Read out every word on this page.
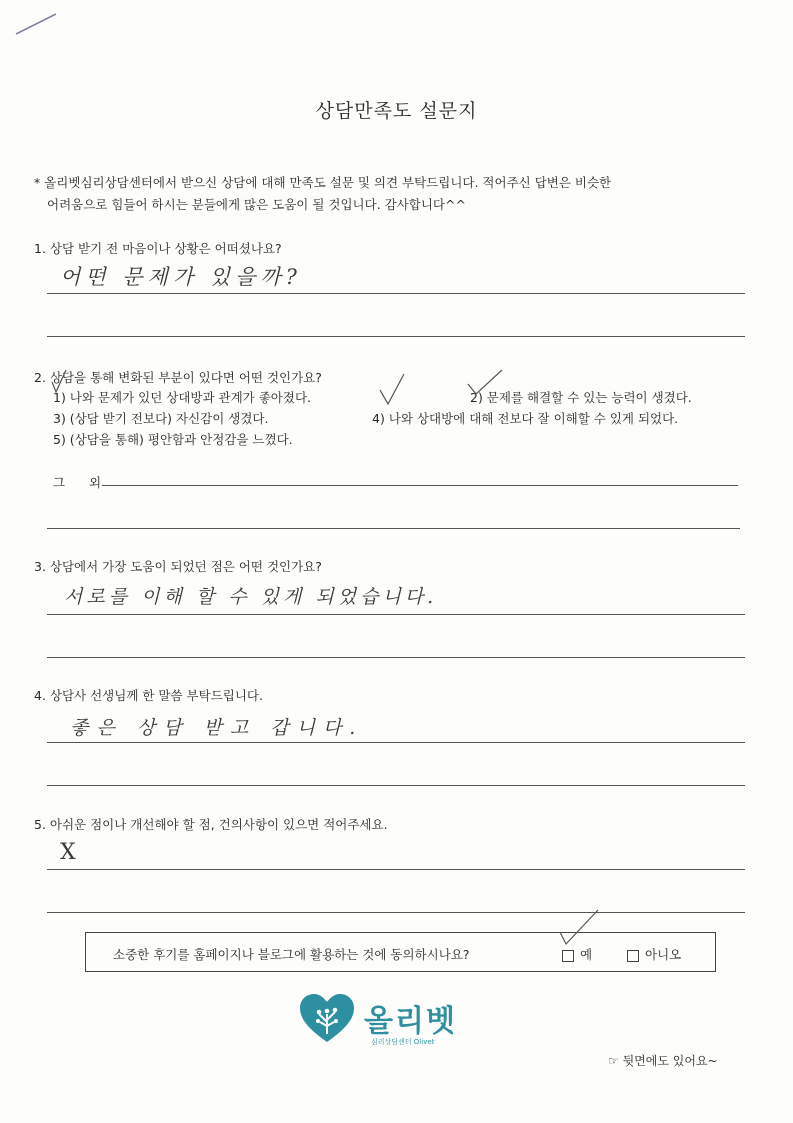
상담만족도 설문지
* 올리벳심리상담센터에서 받으신 상담에 대해 만족도 설문 및 의견 부탁드립니다. 적어주신 답변은 비슷한
어려움으로 힘들어 하시는 분들에게 많은 도움이 될 것입니다. 감사합니다^^
1. 상담 받기 전 마음이나 상황은 어떠셨나요?
어떤 문제가 있을까?
2. 상담을 통해 변화된 부분이 있다면 어떤 것인가요?
1) 나와 문제가 있던 상대방과 관계가 좋아졌다.	2) 문제를 해결할 수 있는 능력이 생겼다.
3) (상담 받기 전보다) 자신감이 생겼다.	4) 나와 상대방에 대해 전보다 잘 이해할 수 있게 되었다.
5) (상담을 통해) 평안함과 안정감을 느꼈다.
그 외
3. 상담에서 가장 도움이 되었던 점은 어떤 것인가요?
서로를 이해 할 수 있게 되었습니다.
4. 상담사 선생님께 한 말씀 부탁드립니다.
좋은 상담 받고 갑니다.
5. 아쉬운 점이나 개선해야 할 점, 건의사항이 있으면 적어주세요.
X
소중한 후기를 홈페이지나 블로그에 활용하는 것에 동의하시나요?	예	아니오
올리벳
심리상담센터 Olivet
☞ 뒷면에도 있어요~
